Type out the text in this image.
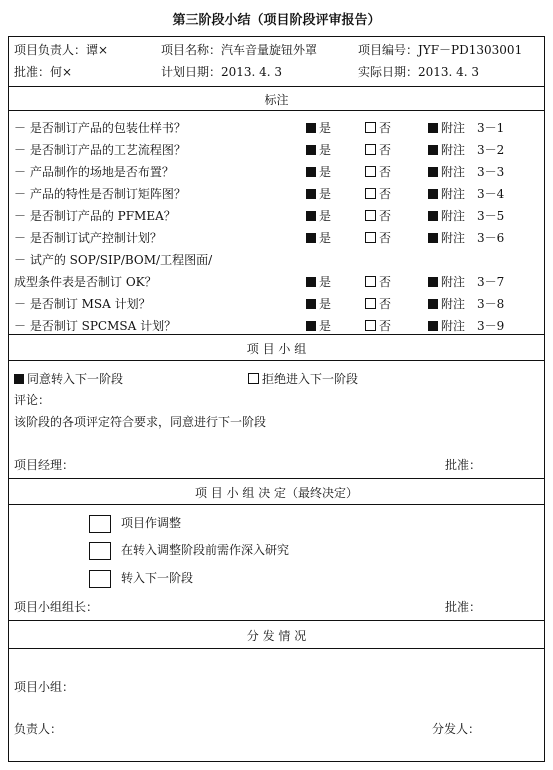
第三阶段小结（项目阶段评审报告）
项目负责人：谭×	项目名称：汽车音量旋钮外罩	项目编号：JYF－PD1303001
批准：何×	计划日期：2013. 4. 3	实际日期：2013. 4. 3
标注
－ 是否制订产品的包装仕样书？	是	否	附注　3－1
－ 是否制订产品的工艺流程图？	是	否	附注　3－2
－ 产品制作的场地是否布置？	是	否	附注　3－3
－ 产品的特性是否制订矩阵图？	是	否	附注　3－4
－ 是否制订产品的 PFMEA？	是	否	附注　3－5
－ 是否制订试产控制计划？	是	否	附注　3－6
－ 试产的 SOP/SIP/BOM/工程图面/
成型条件表是否制订 OK？	是	否	附注　3－7
－ 是否制订 MSA 计划？	是	否	附注　3－8
－ 是否制订 SPCMSA 计划？	是	否	附注　3－9
项 目 小 组
同意转入下一阶段	拒绝进入下一阶段
评论：
该阶段的各项评定符合要求，同意进行下一阶段
项目经理：	批准：
项 目 小 组 决 定（最终决定）
项目作调整
在转入调整阶段前需作深入研究
转入下一阶段
项目小组组长：	批准：
分 发 情 况
项目小组：
负责人：	分发人：
